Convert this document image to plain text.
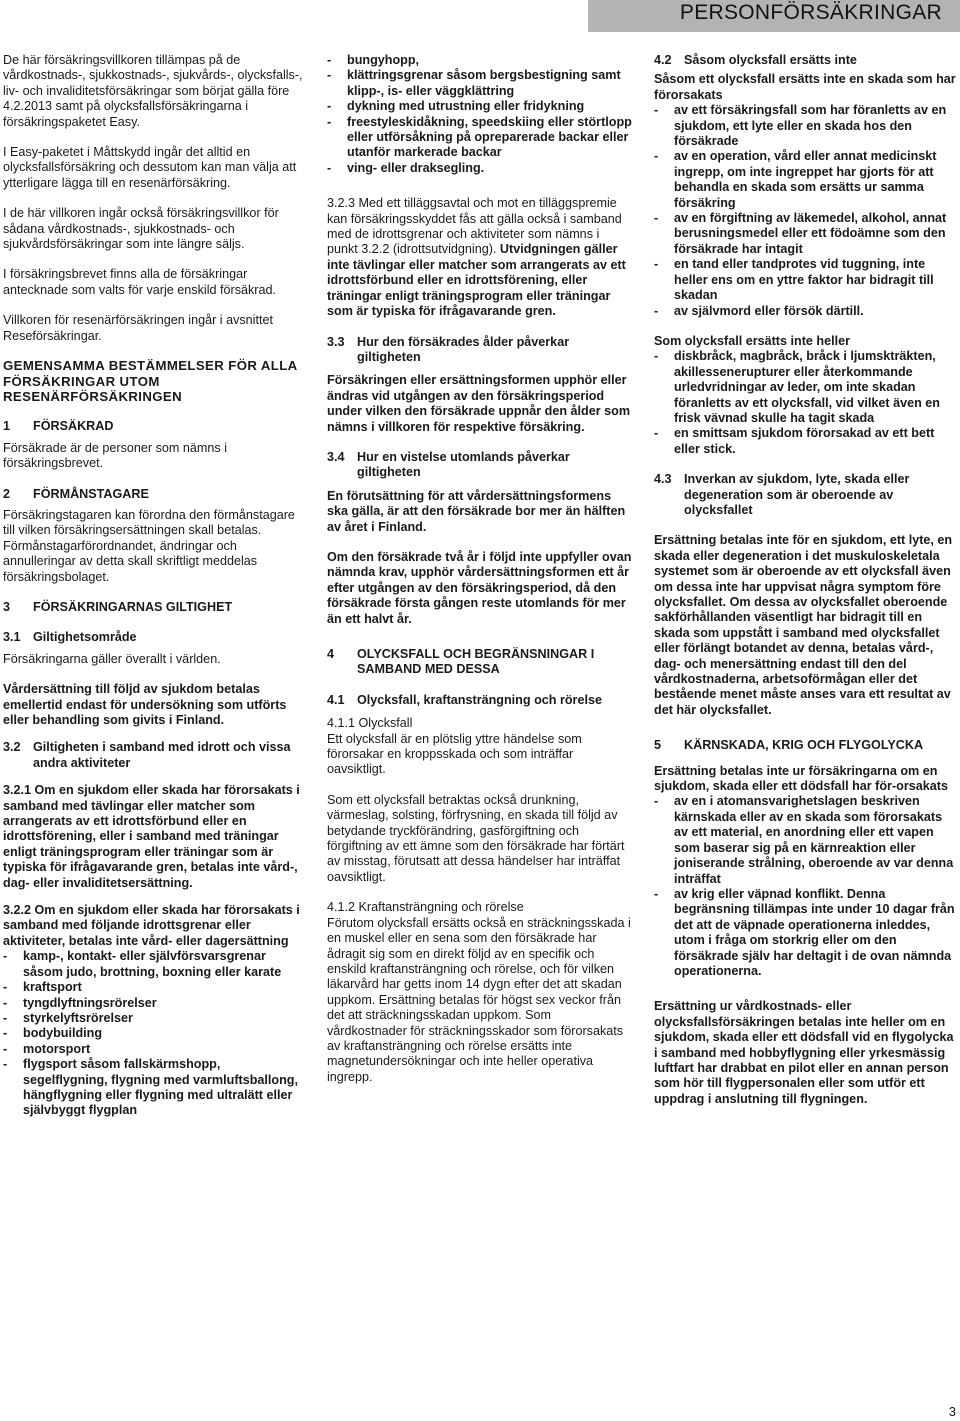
PERSONFÖRSÄKRINGAR

De här försäkringsvillkoren tillämpas på de vårdkostnads-, sjukkostnads-, sjukvårds-, olycksfalls-, liv- och invaliditetsförsäkringar som börjat gälla före 4.2.2013 samt på olycksfallsförsäkringarna i försäkringspaketet Easy.

I Easy-paketet i Måttskydd ingår det alltid en olycksfallsförsäkring och dessutom kan man välja att ytterligare lägga till en resenärförsäkring.

I de här villkoren ingår också försäkringsvillkor för sådana vårdkostnads-, sjukkostnads- och sjukvårdsförsäkringar som inte längre säljs.

I försäkringsbrevet finns alla de försäkringar antecknade som valts för varje enskild försäkrad.

Villkoren för resenärförsäkringen ingår i avsnittet Reseförsäkringar.

GEMENSAMMA BESTÄMMELSER FÖR ALLA FÖRSÄKRINGAR UTOM RESENÄRFÖRSÄKRINGEN

1 FÖRSÄKRAD

Försäkrade är de personer som nämns i försäkringsbrevet.

2 FÖRMÅNSTAGARE

Försäkringstagaren kan förordna den förmånstagare till vilken försäkringsersättningen skall betalas. Förmånstagarförordnandet, ändringar och annulleringar av detta skall skriftligt meddelas försäkringsbolaget.

3 FÖRSÄKRINGARNAS GILTIGHET

3.1 Giltighetsområde

Försäkringarna gäller överallt i världen.

Vårdersättning till följd av sjukdom betalas emellertid endast för undersökning som utförts eller behandling som givits i Finland.

3.2 Giltigheten i samband med idrott och vissa andra aktiviteter

3.2.1 Om en sjukdom eller skada har förorsakats i samband med tävlingar eller matcher som arrangerats av ett idrottsförbund eller en idrottsförening, eller i samband med träningar enligt träningsprogram eller träningar som är typiska för ifrågavarande gren, betalas inte vård-, dag- eller invaliditetsersättning.

3.2.2 Om en sjukdom eller skada har förorsakats i samband med följande idrottsgrenar eller aktiviteter, betalas inte vård- eller dagersättning

-	kamp-, kontakt- eller självförsvarsgrenar såsom judo, brottning, boxning eller karate
-	kraftsport
-	tyngdlyftningsrörelser
-	styrkelyftsrörelser
-	bodybuilding
-	motorsport
-	flygsport såsom fallskärmshopp, segelflygning, flygning med varmluftsballong, hängflygning eller flygning med ultralätt eller självbyggt flygplan
-	bungyhopp,
-	klättringsgrenar såsom bergsbestigning samt klipp-, is- eller väggklättring
-	dykning med utrustning eller fridykning
-	freestyleskidåkning, speedskiing eller störtlopp eller utförsåkning på opreparerade backar eller utanför markerade backar
-	ving- eller draksegling.

3.2.3 Med ett tilläggsavtal och mot en tilläggspremie kan försäkringsskyddet fås att gälla också i samband med de idrottsgrenar och aktiviteter som nämns i punkt 3.2.2 (idrottsutvidgning). Utvidgningen gäller inte tävlingar eller matcher som arrangerats av ett idrottsförbund eller en idrottsförening, eller träningar enligt träningsprogram eller träningar som är typiska för ifrågavarande gren.

3.3 Hur den försäkrades ålder påverkar giltigheten

Försäkringen eller ersättningsformen upphör eller ändras vid utgången av den försäkringsperiod under vilken den försäkrade uppnår den ålder som nämns i villkoren för respektive försäkring.

3.4 Hur en vistelse utomlands påverkar giltigheten

En förutsättning för att vårdersättningsformens ska gälla, är att den försäkrade bor mer än hälften av året i Finland.

Om den försäkrade två år i följd inte uppfyller ovan nämnda krav, upphör vårdersättningsformen ett år efter utgången av den försäkringsperiod, då den försäkrade första gången reste utomlands för mer än ett halvt år.

4	OLYCKSFALL OCH BEGRÄNSNINGAR I SAMBAND MED DESSA
4.1 Olycksfall, kraftansträngning och rörelse

4.1.1 Olycksfall

Ett olycksfall är en plötslig yttre händelse som förorsakar en kroppsskada och som inträffar oavsiktligt.

Som ett olycksfall betraktas också drunkning, värmeslag, solsting, förfrysning, en skada till följd av betydande tryckförändring, gasförgiftning och förgiftning av ett ämne som den försäkrade har förtärt av misstag, förutsatt att dessa händelser har inträffat oavsiktligt.

4.1.2 Kraftansträngning och rörelse

Förutom olycksfall ersätts också en sträckningsskada i en muskel eller en sena som den försäkrade har ådragit sig som en direkt följd av en specifik och enskild kraftansträngning och rörelse, och för vilken läkarvård har getts inom 14 dygn efter det att skadan uppkom. Ersättning betalas för högst sex veckor från det att sträckningsskadan uppkom. Som vårdkostnader för sträckningsskador som förorsakats av kraftansträngning och rörelse ersätts inte magnetundersökningar och inte heller operativa ingrepp.

4.2 Såsom olycksfall ersätts inte

Såsom ett olycksfall ersätts inte en skada som har förorsakats

-	av ett försäkringsfall som har föranletts av en sjukdom, ett lyte eller en skada hos den försäkrade
-	av en operation, vård eller annat medicinskt ingrepp, om inte ingreppet har gjorts för att behandla en skada som ersätts ur samma försäkring
-	av en förgiftning av läkemedel, alkohol, annat berusningsmedel eller ett födoämne som den försäkrade har intagit
-	en tand eller tandprotes vid tuggning, inte heller ens om en yttre faktor har bidragit till skadan
-	av självmord eller försök därtill.

Som olycksfall ersätts inte heller

-	diskbråck, magbråck, bråck i ljumskträkten, akillessenerupturer eller återkommande urledvridningar av leder, om inte skadan föranletts av ett olycksfall, vid vilket även en frisk vävnad skulle ha tagit skada
-	en smittsam sjukdom förorsakad av ett bett eller stick.
4.3 Inverkan av sjukdom, lyte, skada eller degeneration som är oberoende av olycksfallet

Ersättning betalas inte för en sjukdom, ett lyte, en skada eller degeneration i det muskuloskeletala systemet som är oberoende av ett olycksfall även om dessa inte har uppvisat några symptom före olycksfallet. Om dessa av olycksfallet oberoende sakförhållanden väsentligt har bidragit till en skada som uppstått i samband med olycksfallet eller förlängt botandet av denna, betalas vård-, dag- och menersättning endast till den del vårdkostnaderna, arbetsoförmågan eller det bestående menet måste anses vara ett resultat av det här olycksfallet.

5	KÄRNSKADA, KRIG OCH FLYGOLYCKA

Ersättning betalas inte ur försäkringarna om en sjukdom, skada eller ett dödsfall har för-orsakats

-	av en i atomansvarighetslagen beskriven kärnskada eller av en skada som förorsakats av ett material, en anordning eller ett vapen som baserar sig på en kärnreaktion eller joniserande strålning, oberoende av var denna inträffat
-	av krig eller väpnad konflikt. Denna begränsning tillämpas inte under 10 dagar från det att de väpnade operationerna inleddes, utom i fråga om storkrig eller om den försäkrade själv har deltagit i de ovan nämnda operationerna.

Ersättning ur vårdkostnads- eller olycksfallsförsäkringen betalas inte heller om en sjukdom, skada eller ett dödsfall vid en flygolycka i samband med hobbyflygning eller yrkesmässig luftfart har drabbat en pilot eller en annan person som hör till flygpersonalen eller som utför ett uppdrag i anslutning till flygningen.

3
